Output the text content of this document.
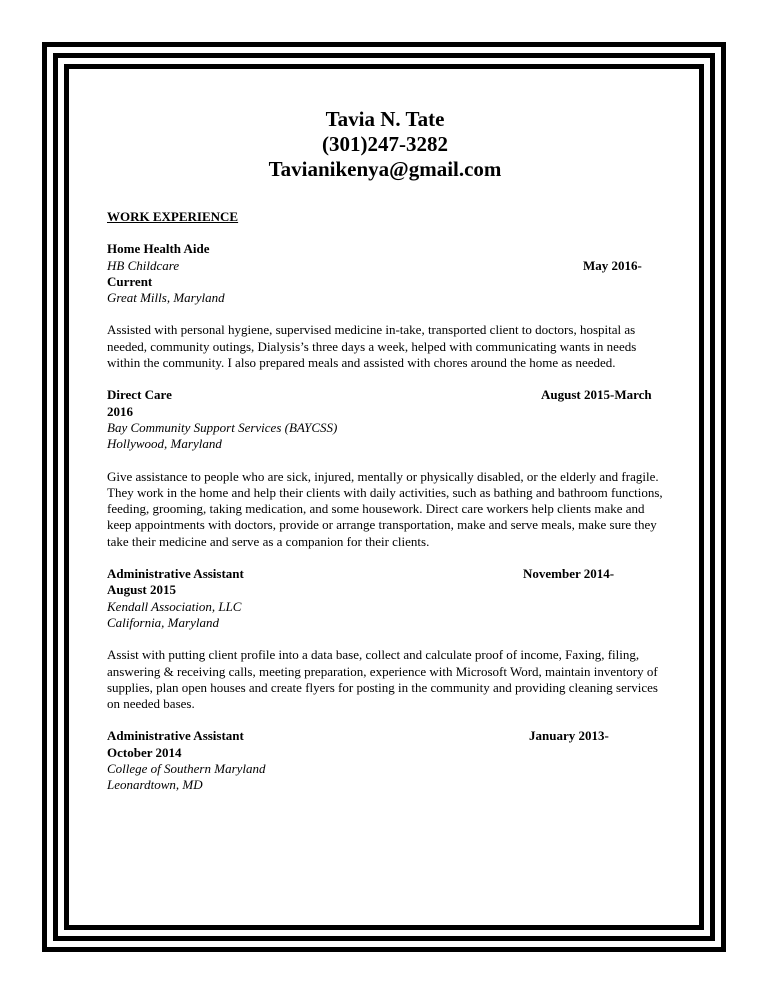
Tavia N. Tate
(301)247-3282
Tavianikenya@gmail.com
WORK EXPERIENCE
Home Health Aide
HB Childcare	May 2016-
Current
Great Mills, Maryland
Assisted with personal hygiene, supervised medicine in-take, transported client to doctors, hospital as needed, community outings, Dialysis’s three days a week, helped with communicating wants in needs within the community. I also prepared meals and assisted with chores around the home as needed.
Direct Care	August 2015-March
2016
Bay Community Support Services (BAYCSS)
Hollywood, Maryland
Give assistance to people who are sick, injured, mentally or physically disabled, or the elderly and fragile. They work in the home and help their clients with daily activities, such as bathing and bathroom functions, feeding, grooming, taking medication, and some housework. Direct care workers help clients make and keep appointments with doctors, provide or arrange transportation, make and serve meals, make sure they take their medicine and serve as a companion for their clients.
Administrative Assistant	November 2014-
August 2015
Kendall Association, LLC
California, Maryland
Assist with putting client profile into a data base, collect and calculate proof of income, Faxing, filing, answering & receiving calls, meeting preparation, experience with Microsoft Word, maintain inventory of supplies, plan open houses and create flyers for posting in the community and providing cleaning services on needed bases.
Administrative Assistant	January 2013-
October 2014
College of Southern Maryland
Leonardtown, MD
